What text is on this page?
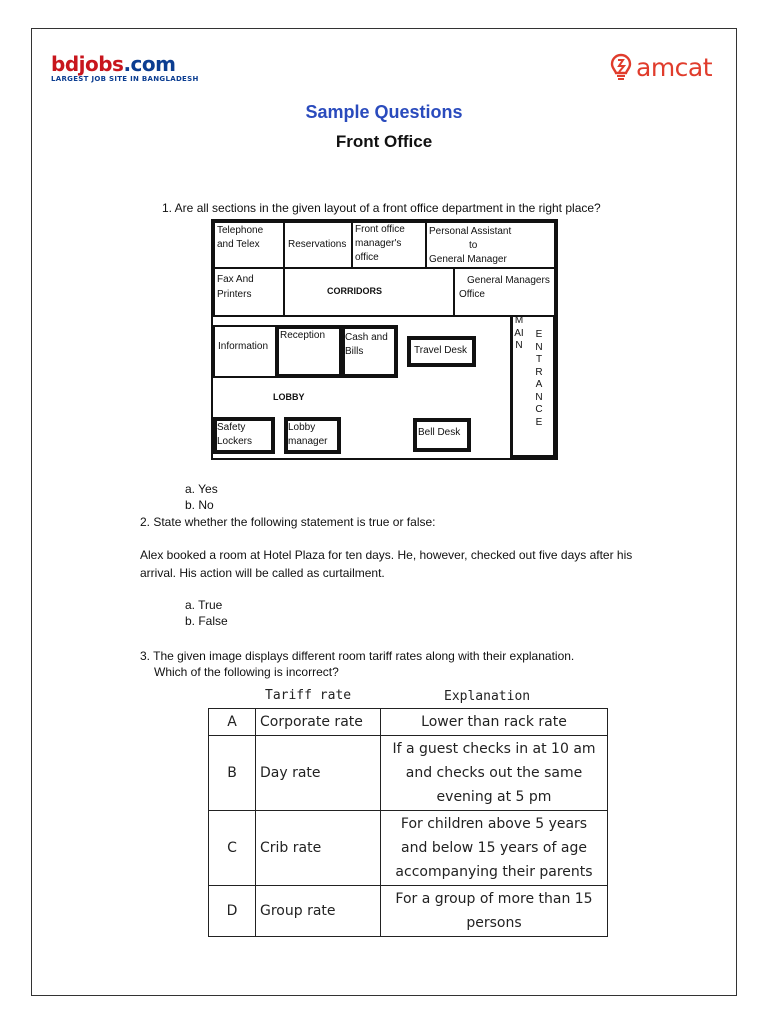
bdjobs.com
LARGEST JOB SITE IN BANGLADESH	amcat
Sample Questions
Front Office
1. Are all sections in the given layout of a front office department in the right place?
Telephone
and Telex	Reservations
Front office
manager's
office
Personal Assistant
to
General Manager
Fax And
Printers	CORRIDORS
General Managers
Office
Information
Reception Cash and
Bills	Travel Desk
LOBBY
Safety
Lockers
Lobby
manager
Bell Desk
MAIN
ENTRANCE
a. Yes
b. No
2. State whether the following statement is true or false:
Alex booked a room at Hotel Plaza for ten days. He, however, checked out five days after his
arrival. His action will be called as curtailment.
a. True
b. False
3. The given image displays different room tariff rates along with their explanation.
Which of the following is incorrect?
Tariff rate	Explanation
A	Corporate rate	Lower than rack rate

B	Day rate	If a guest checks in at 10 am
and checks out the same
evening at 5 pm

C	Crib rate	For children above 5 years
and below 15 years of age
accompanying their parents

D	Group rate	For a group of more than 15
persons
